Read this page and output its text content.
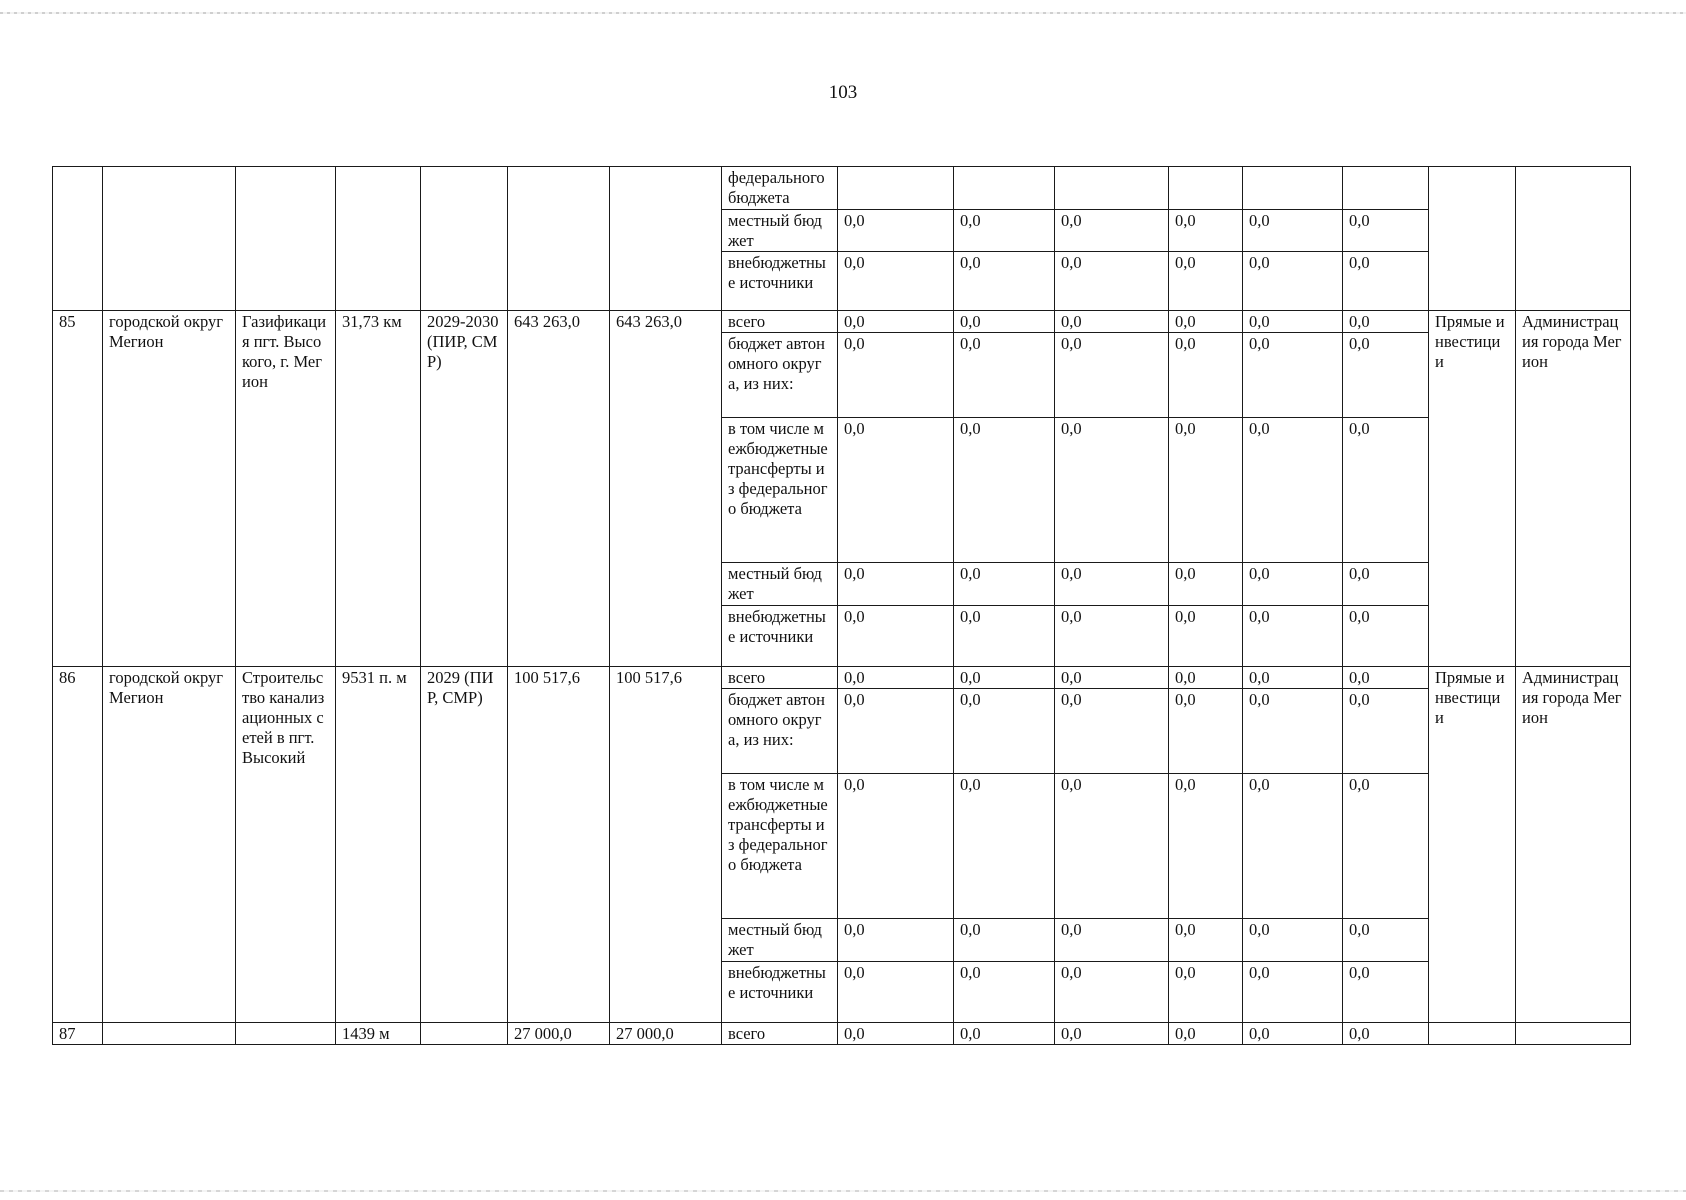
103
							федерального бюджета								
							местный бюджет	0,0	0,0	0,0	0,0	0,0	0,0		
							внебюджетные источники	0,0	0,0	0,0	0,0	0,0	0,0		
85	городской округ Мегион	Газификация пгт. Высокого, г. Мегион	31,73 км	2029-2030 (ПИР, СМР)	643 263,0	643 263,0	всего	0,0	0,0	0,0	0,0	0,0	0,0	Прямые инвестиции	Администрация города Мегион
							бюджет автономного округа, из них:	0,0	0,0	0,0	0,0	0,0	0,0		
							в том числе межбюджетные трансферты из федерального бюджета	0,0	0,0	0,0	0,0	0,0	0,0		
							местный бюджет	0,0	0,0	0,0	0,0	0,0	0,0		
							внебюджетные источники	0,0	0,0	0,0	0,0	0,0	0,0		
86	городской округ Мегион	Строительство канализационных сетей в пгт. Высокий	9531 п. м	2029 (ПИР, СМР)	100 517,6	100 517,6	всего	0,0	0,0	0,0	0,0	0,0	0,0	Прямые инвестиции	Администрация города Мегион
							бюджет автономного округа, из них:	0,0	0,0	0,0	0,0	0,0	0,0		
							в том числе межбюджетные трансферты из федерального бюджета	0,0	0,0	0,0	0,0	0,0	0,0		
							местный бюджет	0,0	0,0	0,0	0,0	0,0	0,0		
							внебюджетные источники	0,0	0,0	0,0	0,0	0,0	0,0		
87			1439 м		27 000,0	27 000,0	всего	0,0	0,0	0,0	0,0	0,0	0,0		
